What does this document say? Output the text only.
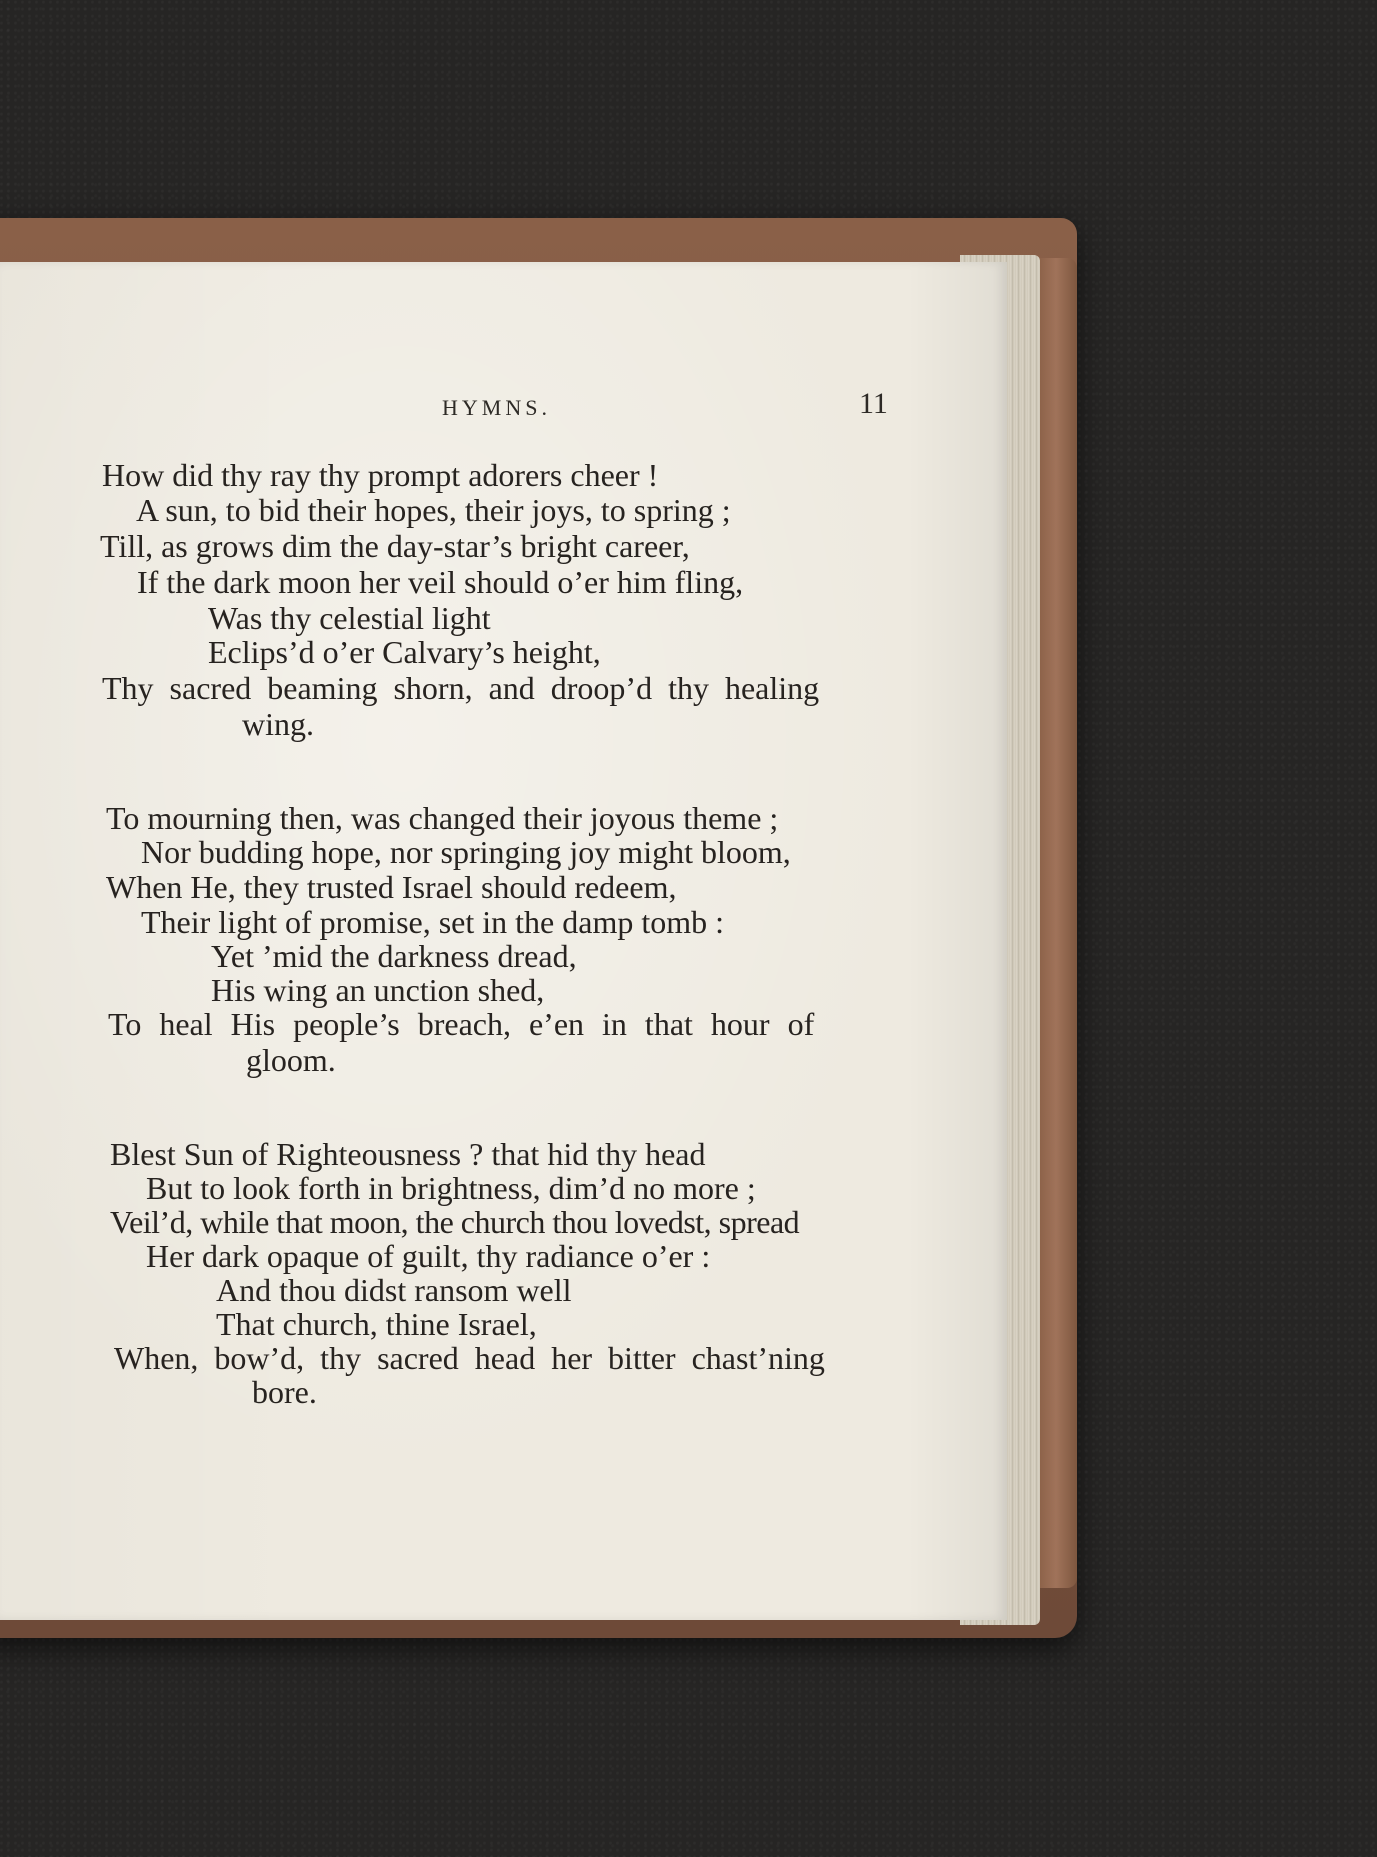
HYMNS.	11
How did thy ray thy prompt adorers cheer !
A sun, to bid their hopes, their joys, to spring ;
Till, as grows dim the day-star’s bright career,
If the dark moon her veil should o’er him fling,
Was thy celestial light
Eclips’d o’er Calvary’s height,
Thy sacred beaming shorn, and droop’d thy healing
wing.
To mourning then, was changed their joyous theme ;
Nor budding hope, nor springing joy might bloom,
When He, they trusted Israel should redeem,
Their light of promise, set in the damp tomb :
Yet ’mid the darkness dread,
His wing an unction shed,
To heal His people’s breach, e’en in that hour of
gloom.
Blest Sun of Righteousness ? that hid thy head
But to look forth in brightness, dim’d no more ;
Veil’d, while that moon, the church thou lovedst, spread
Her dark opaque of guilt, thy radiance o’er :
And thou didst ransom well
That church, thine Israel,
When, bow’d, thy sacred head her bitter chast’ning
bore.
